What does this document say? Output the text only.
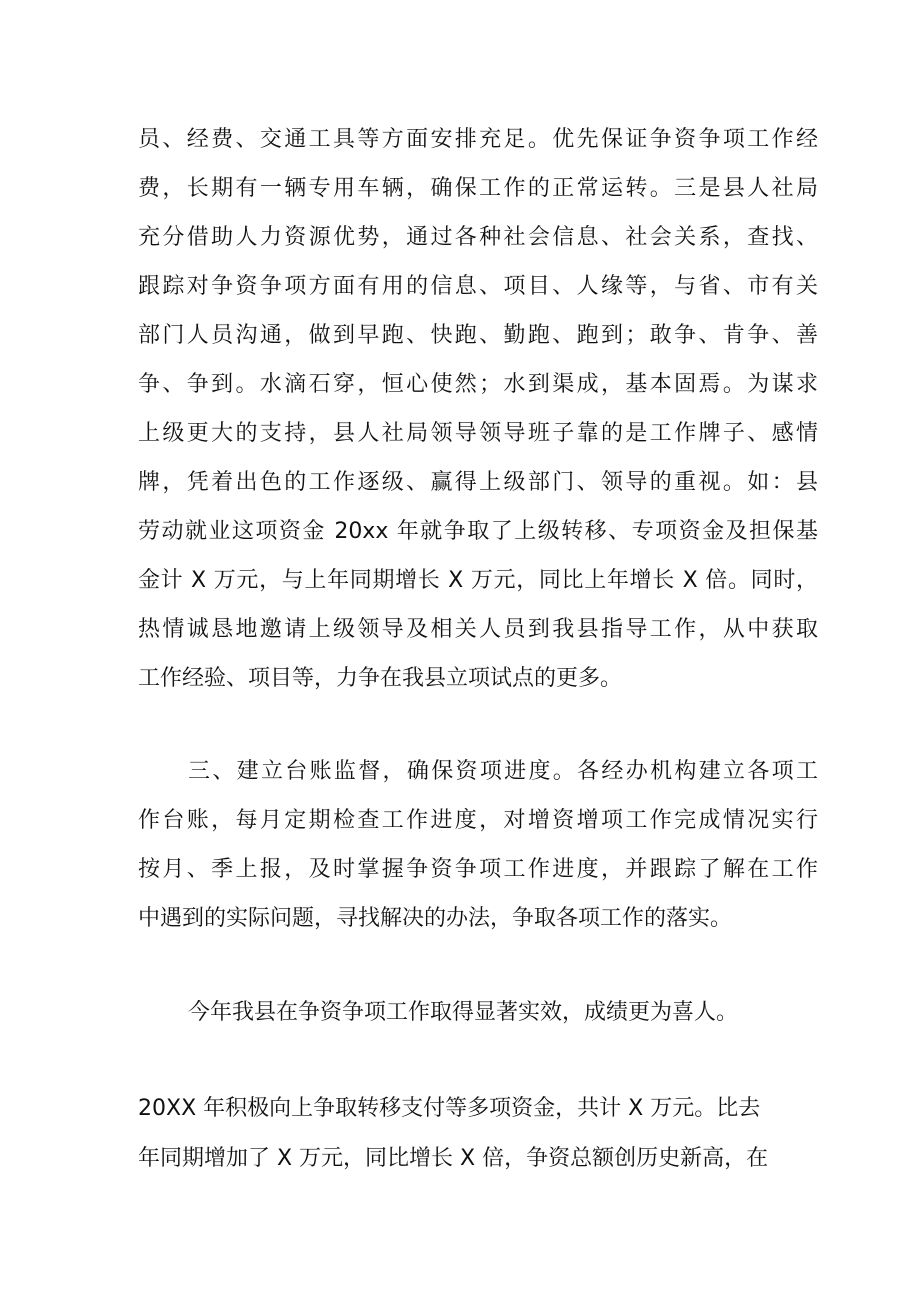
员、经费、交通工具等方面安排充足。优先保证争资争项工作经
费，长期有一辆专用车辆，确保工作的正常运转。三是县人社局
充分借助人力资源优势，通过各种社会信息、社会关系，查找、
跟踪对争资争项方面有用的信息、项目、人缘等，与省、市有关
部门人员沟通，做到早跑、快跑、勤跑、跑到；敢争、肯争、善
争、争到。水滴石穿，恒心使然；水到渠成，基本固焉。为谋求
上级更大的支持，县人社局领导领导班子靠的是工作牌子、感情
牌，凭着出色的工作逐级、赢得上级部门、领导的重视。如：县
劳动就业这项资金 20xx 年就争取了上级转移、专项资金及担保基
金计 X 万元，与上年同期增长 X 万元，同比上年增长 X 倍。同时，
热情诚恳地邀请上级领导及相关人员到我县指导工作，从中获取
工作经验、项目等，力争在我县立项试点的更多。
三、建立台账监督，确保资项进度。各经办机构建立各项工
作台账，每月定期检查工作进度，对增资增项工作完成情况实行
按月、季上报，及时掌握争资争项工作进度，并跟踪了解在工作
中遇到的实际问题，寻找解决的办法，争取各项工作的落实。
今年我县在争资争项工作取得显著实效，成绩更为喜人。
20XX 年积极向上争取转移支付等多项资金，共计 X 万元。比去
年同期增加了 X 万元，同比增长 X 倍，争资总额创历史新高，在
